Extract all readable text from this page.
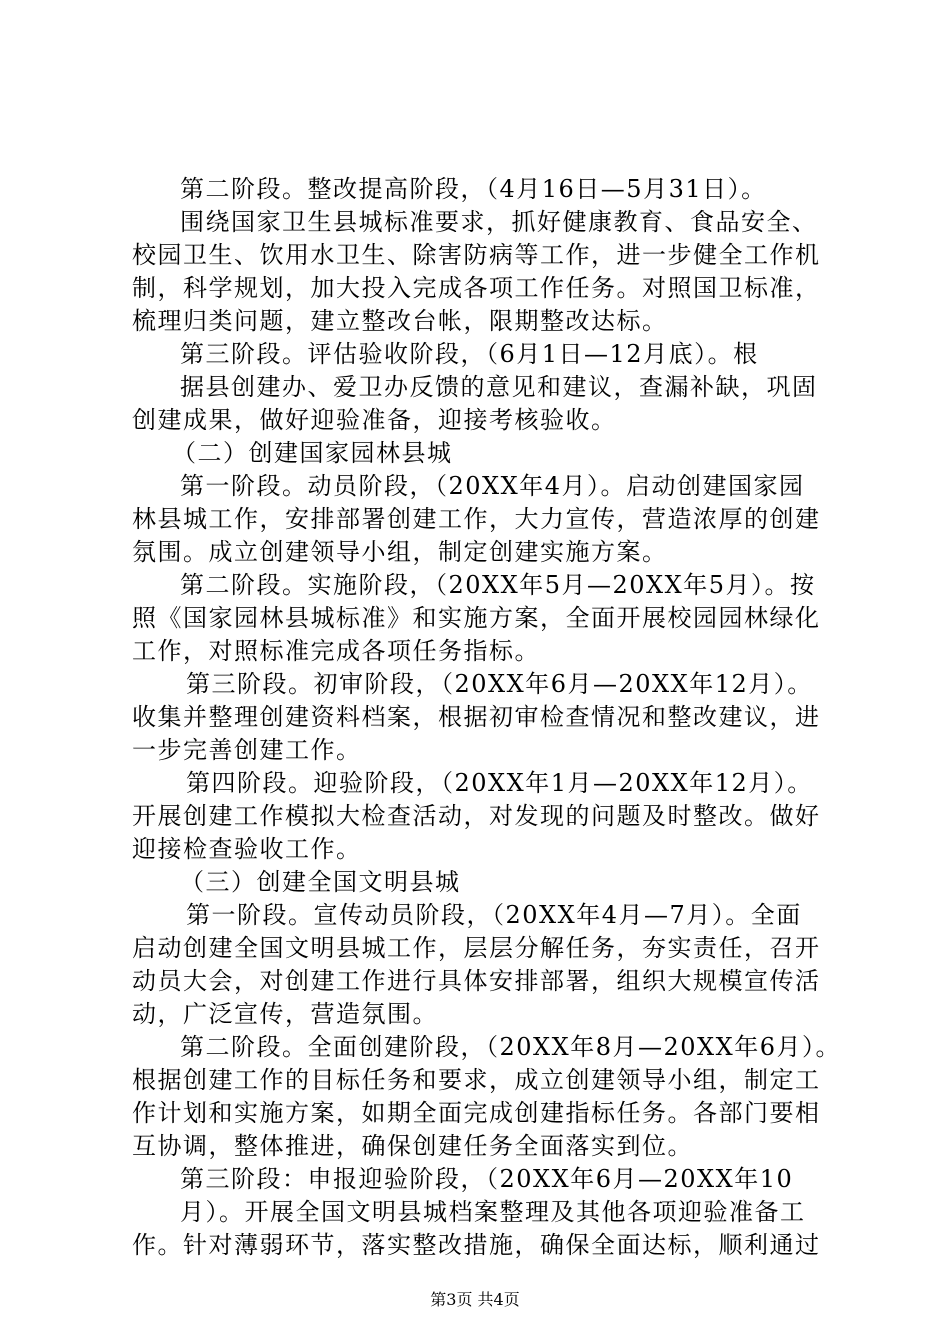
第二阶段。整改提高阶段，（4月16日—5月31日）。
围绕国家卫生县城标准要求，抓好健康教育、食品安全、
校园卫生、饮用水卫生、除害防病等工作，进一步健全工作机
制，科学规划，加大投入完成各项工作任务。对照国卫标准，
梳理归类问题，建立整改台帐，限期整改达标。
第三阶段。评估验收阶段，（6月1日—12月底）。根
据县创建办、爱卫办反馈的意见和建议，查漏补缺，巩固
创建成果，做好迎验准备，迎接考核验收。
（二）创建国家园林县城
第一阶段。动员阶段，（20XX年4月）。启动创建国家园
林县城工作，安排部署创建工作，大力宣传，营造浓厚的创建
氛围。成立创建领导小组，制定创建实施方案。
第二阶段。实施阶段，（20XX年5月—20XX年5月）。按
照《国家园林县城标准》和实施方案，全面开展校园园林绿化
工作，对照标准完成各项任务指标。
第三阶段。初审阶段，（20XX年6月—20XX年12月）。
收集并整理创建资料档案，根据初审检查情况和整改建议，进
一步完善创建工作。
第四阶段。迎验阶段，（20XX年1月—20XX年12月）。
开展创建工作模拟大检查活动，对发现的问题及时整改。做好
迎接检查验收工作。
（三）创建全国文明县城
第一阶段。宣传动员阶段，（20XX年4月—7月）。全面
启动创建全国文明县城工作，层层分解任务，夯实责任，召开
动员大会，对创建工作进行具体安排部署，组织大规模宣传活
动，广泛宣传，营造氛围。
第二阶段。全面创建阶段，（20XX年8月—20XX年6月）。
根据创建工作的目标任务和要求，成立创建领导小组，制定工
作计划和实施方案，如期全面完成创建指标任务。各部门要相
互协调，整体推进，确保创建任务全面落实到位。
第三阶段：申报迎验阶段，（20XX年6月—20XX年10
月）。开展全国文明县城档案整理及其他各项迎验准备工
作。针对薄弱环节，落实整改措施，确保全面达标，顺利通过
第3页 共4页
